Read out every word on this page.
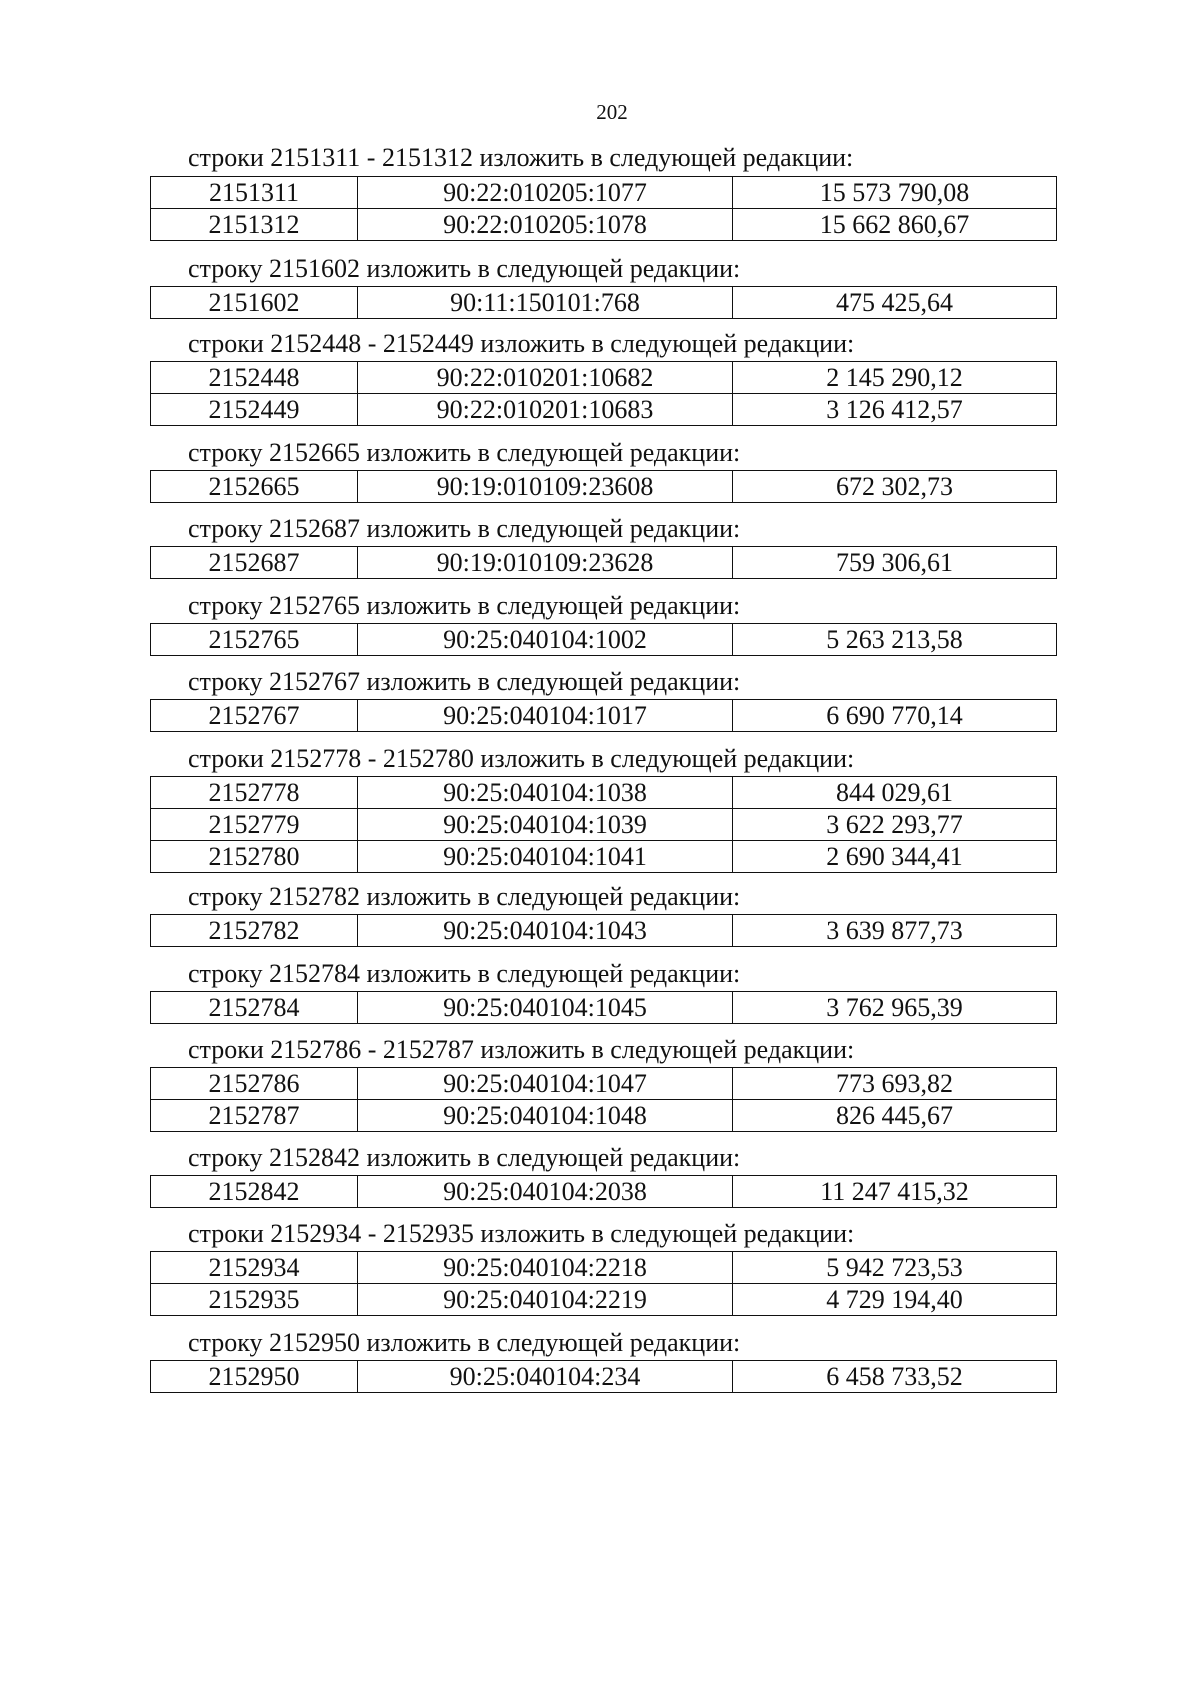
202
строки 2151311 - 2151312 изложить в следующей редакции:
2151311	90:22:010205:1077	15 573 790,08
2151312	90:22:010205:1078	15 662 860,67
строку 2151602 изложить в следующей редакции:
2151602	90:11:150101:768	475 425,64
строки 2152448 - 2152449 изложить в следующей редакции:
2152448	90:22:010201:10682	2 145 290,12
2152449	90:22:010201:10683	3 126 412,57
строку 2152665 изложить в следующей редакции:
2152665	90:19:010109:23608	672 302,73
строку 2152687 изложить в следующей редакции:
2152687	90:19:010109:23628	759 306,61
строку 2152765 изложить в следующей редакции:
2152765	90:25:040104:1002	5 263 213,58
строку 2152767 изложить в следующей редакции:
2152767	90:25:040104:1017	6 690 770,14
строки 2152778 - 2152780 изложить в следующей редакции:
2152778	90:25:040104:1038	844 029,61
2152779	90:25:040104:1039	3 622 293,77
2152780	90:25:040104:1041	2 690 344,41
строку 2152782 изложить в следующей редакции:
2152782	90:25:040104:1043	3 639 877,73
строку 2152784 изложить в следующей редакции:
2152784	90:25:040104:1045	3 762 965,39
строки 2152786 - 2152787 изложить в следующей редакции:
2152786	90:25:040104:1047	773 693,82
2152787	90:25:040104:1048	826 445,67
строку 2152842 изложить в следующей редакции:
2152842	90:25:040104:2038	11 247 415,32
строки 2152934 - 2152935 изложить в следующей редакции:
2152934	90:25:040104:2218	5 942 723,53
2152935	90:25:040104:2219	4 729 194,40
строку 2152950 изложить в следующей редакции:
2152950	90:25:040104:234	6 458 733,52
